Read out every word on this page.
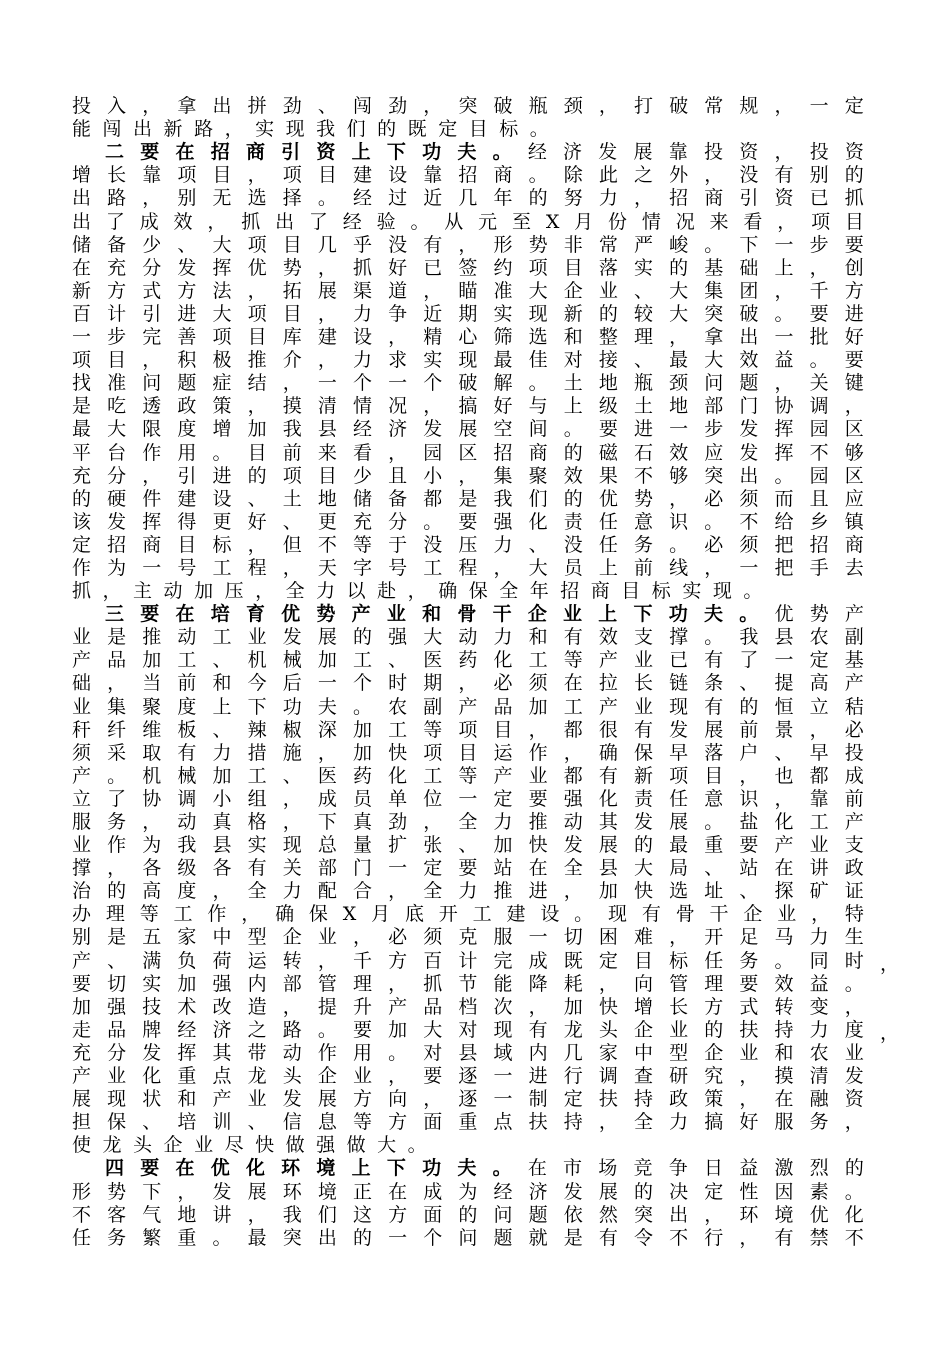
投 入 ， 拿 出 拼 劲 、 闯 劲 ， 突 破 瓶 颈 ， 打 破 常 规 ， 一 定
能 闯 出 新 路 ， 实 现 我 们 的 既 定 目 标 。
二 要 在 招 商 引 资 上 下 功 夫 。 经 济 发 展 靠 投 资 ， 投 资
增 长 靠 项 目 ， 项 目 建 设 靠 招 商 。 除 此 之 外 ， 没 有 别 的
出 路 ， 别 无 选 择 。 经 过 近 几 年 的 努 力 ， 招 商 引 资 已 抓
出 了 成 效 ， 抓 出 了 经 验 。 从 元 至 X 月 份 情 况 来 看 ， 项 目
储 备 少 、 大 项 目 几 乎 没 有 ， 形 势 非 常 严 峻 。 下 一 步 要
在 充 分 发 挥 优 势 ， 抓 好 已 签 约 项 目 落 实 的 基 础 上 ， 创
新 方 式 方 法 ， 拓 展 渠 道 ， 瞄 准 大 企 业 、 大 集 团 ， 千 方
百 计 引 进 大 项 目 ， 力 争 近 期 实 现 新 的 较 大 突 破 。 要 进
一 步 完 善 项 目 库 建 设 ， 精 心 筛 选 和 整 理 ， 拿 出 一 批 好
项 目 ， 积 极 推 介 ， 力 求 实 现 最 佳 对 接 、 最 大 效 益 。 要
找 准 问 题 症 结 ， 一 个 一 个 破 解 。 土 地 瓶 颈 问 题 ， 关 键
是 吃 透 政 策 ， 摸 清 情 况 ， 搞 好 与 上 级 土 地 部 门 协 调 ，
最 大 限 度 增 加 我 县 经 济 发 展 空 间 。 要 进 一 步 发 挥 园 区
平 台 作 用 。 目 前 来 看 ， 园 区 招 商 的 磁 石 效 应 发 挥 不 够
充 分 ， 引 进 的 项 目 少 且 小 ， 集 聚 效 果 不 够 突 出 。 园 区
的 硬 件 建 设 、 土 地 储 备 都 是 我 们 的 优 势 ， 必 须 而 且 应
该 发 挥 得 更 好 、 更 充 分 。 要 强 化 责 任 意 识 。 不 给 乡 镇
定 招 商 目 标 ， 但 不 等 于 没 压 力 、 没 任 务 。 必 须 把 招 商
作 为 一 号 工 程 ， 天 字 号 工 程 ， 大 员 上 前 线 ， 一 把 手 去
抓 ， 主 动 加 压 ， 全 力 以 赴 ， 确 保 全 年 招 商 目 标 实 现 。
三 要 在 培 育 优 势 产 业 和 骨 干 企 业 上 下 功 夫 。 优 势 产
业 是 推 动 工 业 发 展 的 强 大 动 力 和 有 效 支 撑 。 我 县 农 副
产 品 加 工 、 机 械 加 工 、 医 药 化 工 等 产 业 已 有 了 一 定 基
础 ， 当 前 和 今 后 一 个 时 期 ， 必 须 在 拉 长 链 条 、 提 高 产
业 集 聚 度 上 下 功 夫 。 农 副 产 品 加 工 产 业 现 有 的 恒 立 秸
秆 纤 维 板 、 辣 椒 深 加 工 等 项 目 ， 都 很 有 发 展 前 景 ， 必
须 采 取 有 力 措 施 ， 加 快 项 目 运 作 ， 确 保 早 落 户 、 早 投
产 。 机 械 加 工 、 医 药 化 工 等 产 业 都 有 新 项 目 ， 也 都 成
立 了 协 调 小 组 ， 成 员 单 位 一 定 要 强 化 责 任 意 识 ， 靠 前
服 务 ， 动 真 格 ， 下 真 劲 ， 全 力 推 动 其 发 展 。 盐 化 工 产
业 作 为 我 县 实 现 总 量 扩 张 、 加 快 发 展 的 最 重 要 产 业 支
撑 ， 各 级 各 有 关 部 门 一 定 要 站 在 全 县 大 局 、 站 在 讲 政
治 的 高 度 ， 全 力 配 合 ， 全 力 推 进 ， 加 快 选 址 、 探 矿 证
办 理 等 工 作 ， 确 保 X 月 底 开 工 建 设 。 现 有 骨 干 企 业 ， 特
别 是 五 家 中 型 企 业 ， 必 须 克 服 一 切 困 难 ， 开 足 马 力 生
产 、 满 负 荷 运 转 ， 千 方 百 计 完 成 既 定 目 标 任 务 。 同 时 ，
要 切 实 加 强 内 部 管 理 ， 抓 节 能 降 耗 ， 向 管 理 要 效 益 。
加 强 技 术 改 造 ， 提 升 产 品 档 次 ， 加 快 增 长 方 式 转 变 ，
走 品 牌 经 济 之 路 。 要 加 大 对 现 有 龙 头 企 业 的 扶 持 力 度 ，
充 分 发 挥 其 带 动 作 用 。 对 县 域 内 几 家 中 型 企 业 和 农 业
产 业 化 重 点 龙 头 企 业 ， 要 逐 一 进 行 调 查 研 究 ， 摸 清 发
展 现 状 和 产 业 发 展 方 向 ， 逐 一 制 定 扶 持 政 策 ， 在 融 资
担 保 、 培 训 、 信 息 等 方 面 重 点 扶 持 ， 全 力 搞 好 服 务 ，
使 龙 头 企 业 尽 快 做 强 做 大 。
四 要 在 优 化 环 境 上 下 功 夫 。 在 市 场 竞 争 日 益 激 烈 的
形 势 下 ， 发 展 环 境 正 在 成 为 经 济 发 展 的 决 定 性 因 素 。
不 客 气 地 讲 ， 我 们 这 方 面 的 问 题 依 然 突 出 ， 环 境 优 化
任 务 繁 重 。 最 突 出 的 一 个 问 题 就 是 有 令 不 行 ， 有 禁 不
